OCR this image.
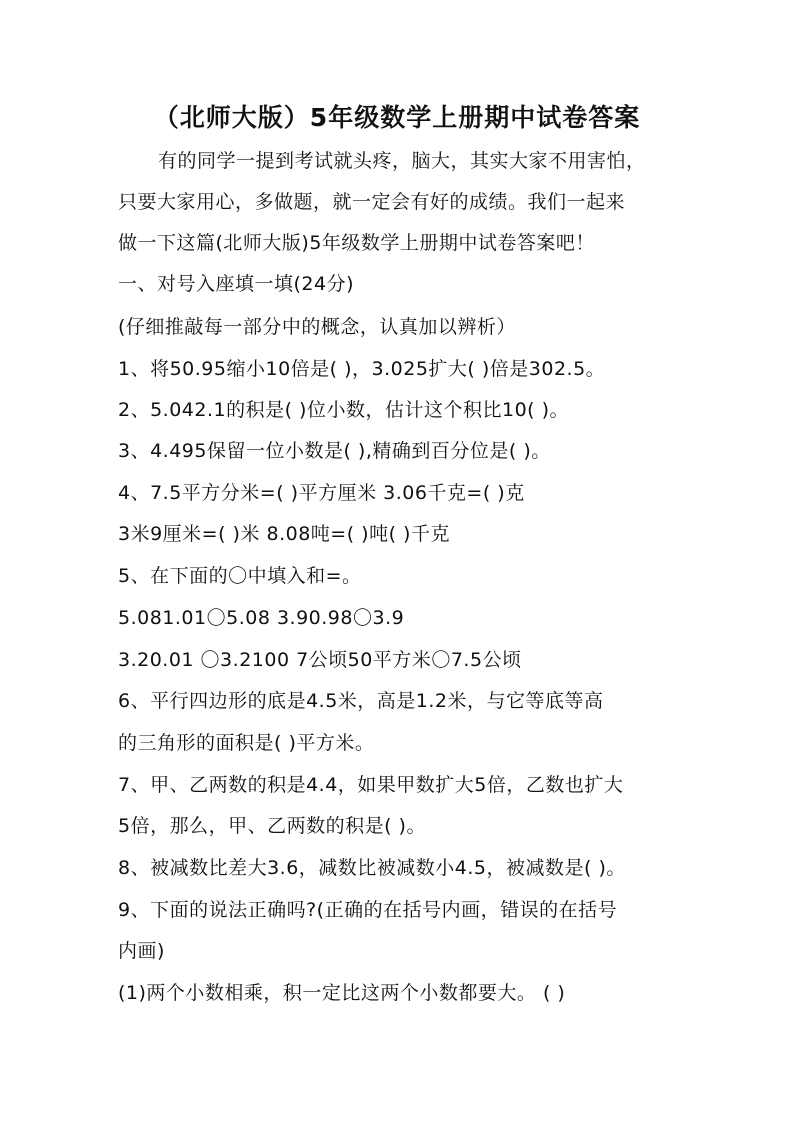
（北师大版）5年级数学上册期中试卷答案
有的同学一提到考试就头疼，脑大，其实大家不用害怕，
只要大家用心，多做题，就一定会有好的成绩。我们一起来
做一下这篇(北师大版)5年级数学上册期中试卷答案吧！
一、对号入座填一填(24分)
(仔细推敲每一部分中的概念，认真加以辨析）
1、将50.95缩小10倍是( )，3.025扩大( )倍是302.5。
2、5.042.1的积是( )位小数，估计这个积比10( )。
3、4.495保留一位小数是( ),精确到百分位是( )。
4、7.5平方分米=( )平方厘米 3.06千克=( )克
3米9厘米=( )米 8.08吨=( )吨( )千克
5、在下面的〇中填入和=。
5.081.01〇5.08 3.90.98〇3.9
3.20.01 〇3.2100 7公顷50平方米〇7.5公顷
6、平行四边形的底是4.5米，高是1.2米，与它等底等高
的三角形的面积是( )平方米。
7、甲、乙两数的积是4.4，如果甲数扩大5倍，乙数也扩大
5倍，那么，甲、乙两数的积是( )。
8、被减数比差大3.6，减数比被减数小4.5，被减数是( )。
9、下面的说法正确吗?(正确的在括号内画，错误的在括号
内画)
(1)两个小数相乘，积一定比这两个小数都要大。 ( )
